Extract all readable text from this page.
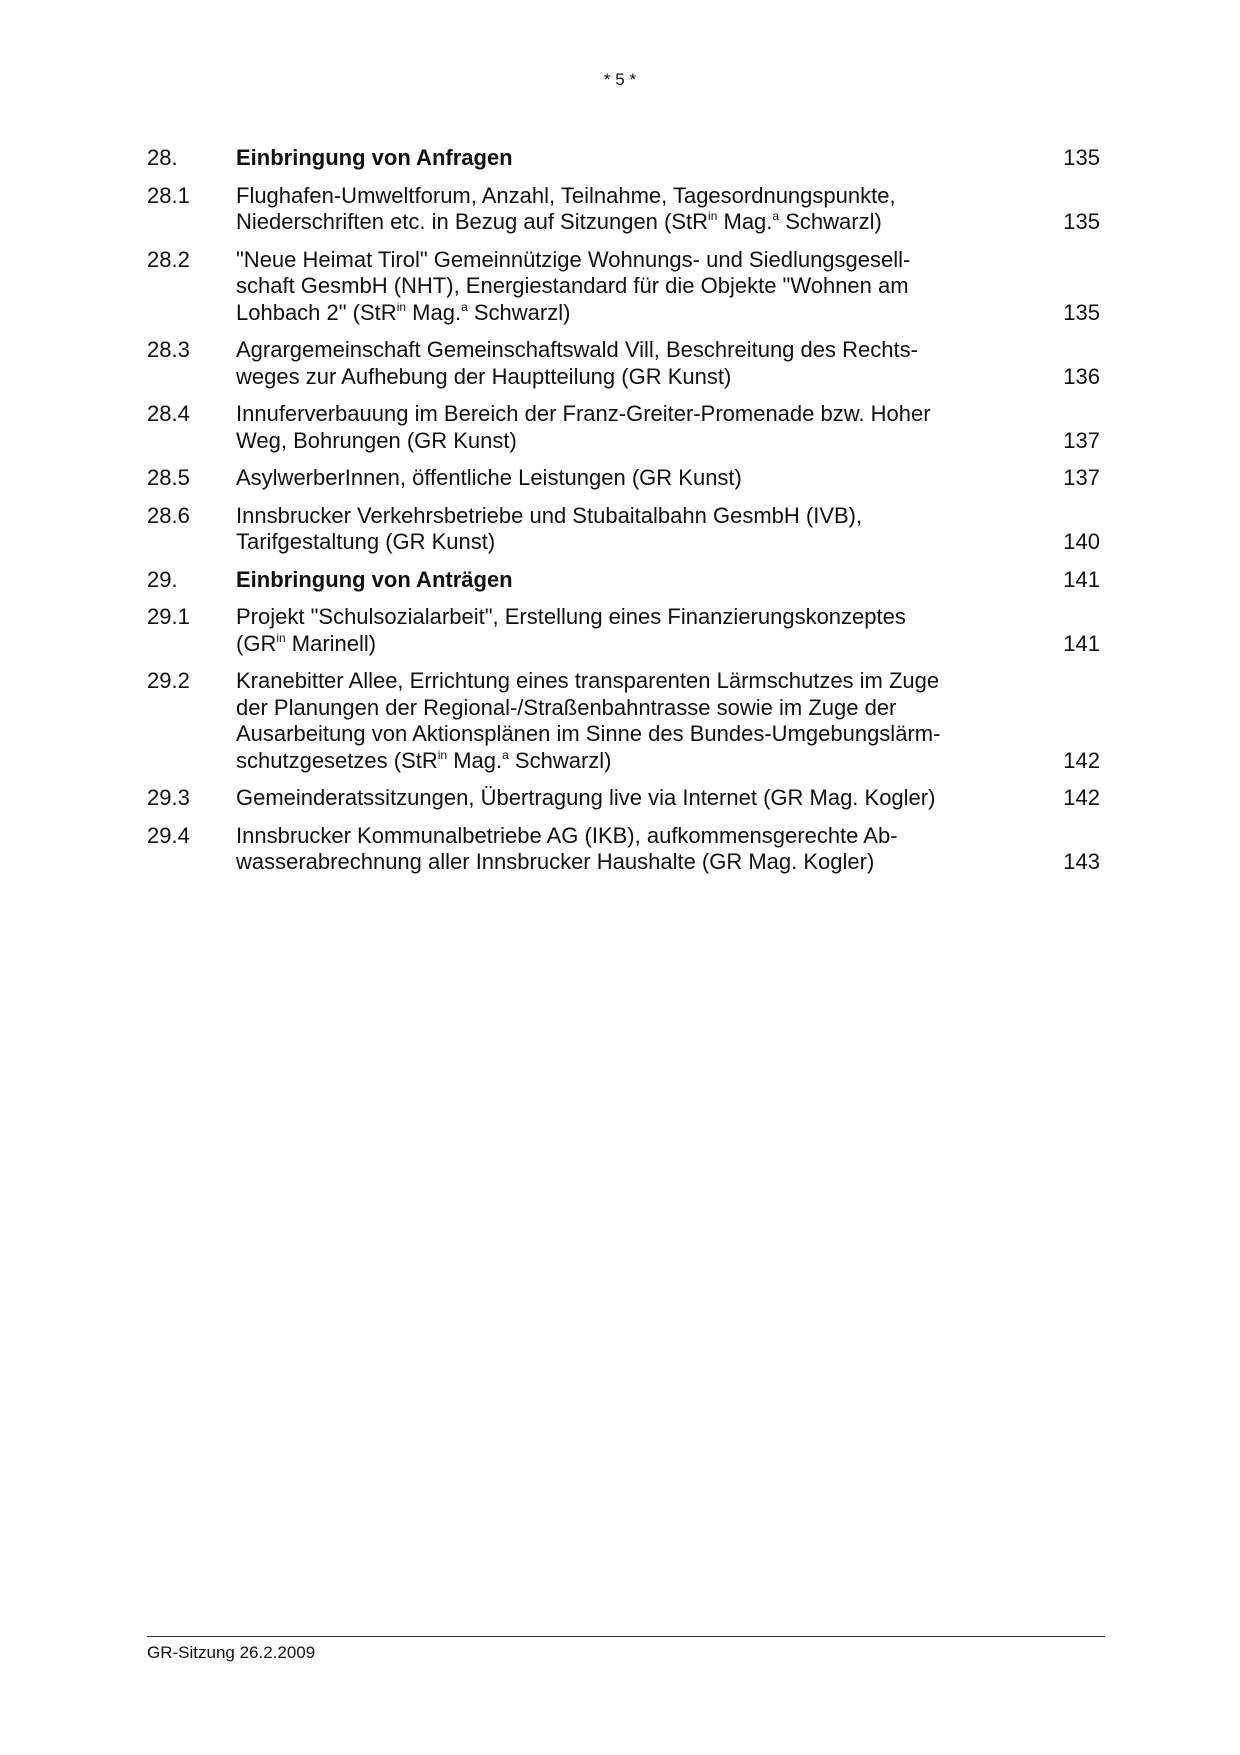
* 5 *
28.	Einbringung von Anfragen	135
28.1	Flughafen-Umweltforum, Anzahl, Teilnahme, Tagesordnungspunkte,
Niederschriften etc. in Bezug auf Sitzungen (StR$^{in}$ Mag.$^a$ Schwarzl)	135
28.2	"Neue Heimat Tirol" Gemeinnützige Wohnungs- und Siedlungsgesell-
schaft GesmbH (NHT), Energiestandard für die Objekte "Wohnen am
Lohbach 2" (StR$^{in}$ Mag.$^a$ Schwarzl)	135
28.3	Agrargemeinschaft Gemeinschaftswald Vill, Beschreitung des Rechts-
weges zur Aufhebung der Hauptteilung (GR Kunst)	136
28.4	Innuferverbauung im Bereich der Franz-Greiter-Promenade bzw. Hoher
Weg, Bohrungen (GR Kunst)	137
28.5	AsylwerberInnen, öffentliche Leistungen (GR Kunst)	137
28.6	Innsbrucker Verkehrsbetriebe und Stubaitalbahn GesmbH (IVB),
Tarifgestaltung (GR Kunst)	140
29.	Einbringung von Anträgen	141
29.1	Projekt "Schulsozialarbeit", Erstellung eines Finanzierungskonzeptes
($GR^{in}$ Marinell)	141
29.2	Kranebitter Allee, Errichtung eines transparenten Lärmschutzes im Zuge
der Planungen der Regional-/Straßenbahntrasse sowie im Zuge der
Ausarbeitung von Aktionsplänen im Sinne des Bundes-Umgebungslärm-
schutzgesetzes (StR$^{in}$ Mag.$^a$ Schwarzl)	142
29.3	Gemeinderatssitzungen, Übertragung live via Internet (GR Mag. Kogler)	142
29.4	Innsbrucker Kommunalbetriebe AG (IKB), aufkommensgerechte Ab-
wasserabrechnung aller Innsbrucker Haushalte (GR Mag. Kogler)	143
GR-Sitzung 26.2.2009
